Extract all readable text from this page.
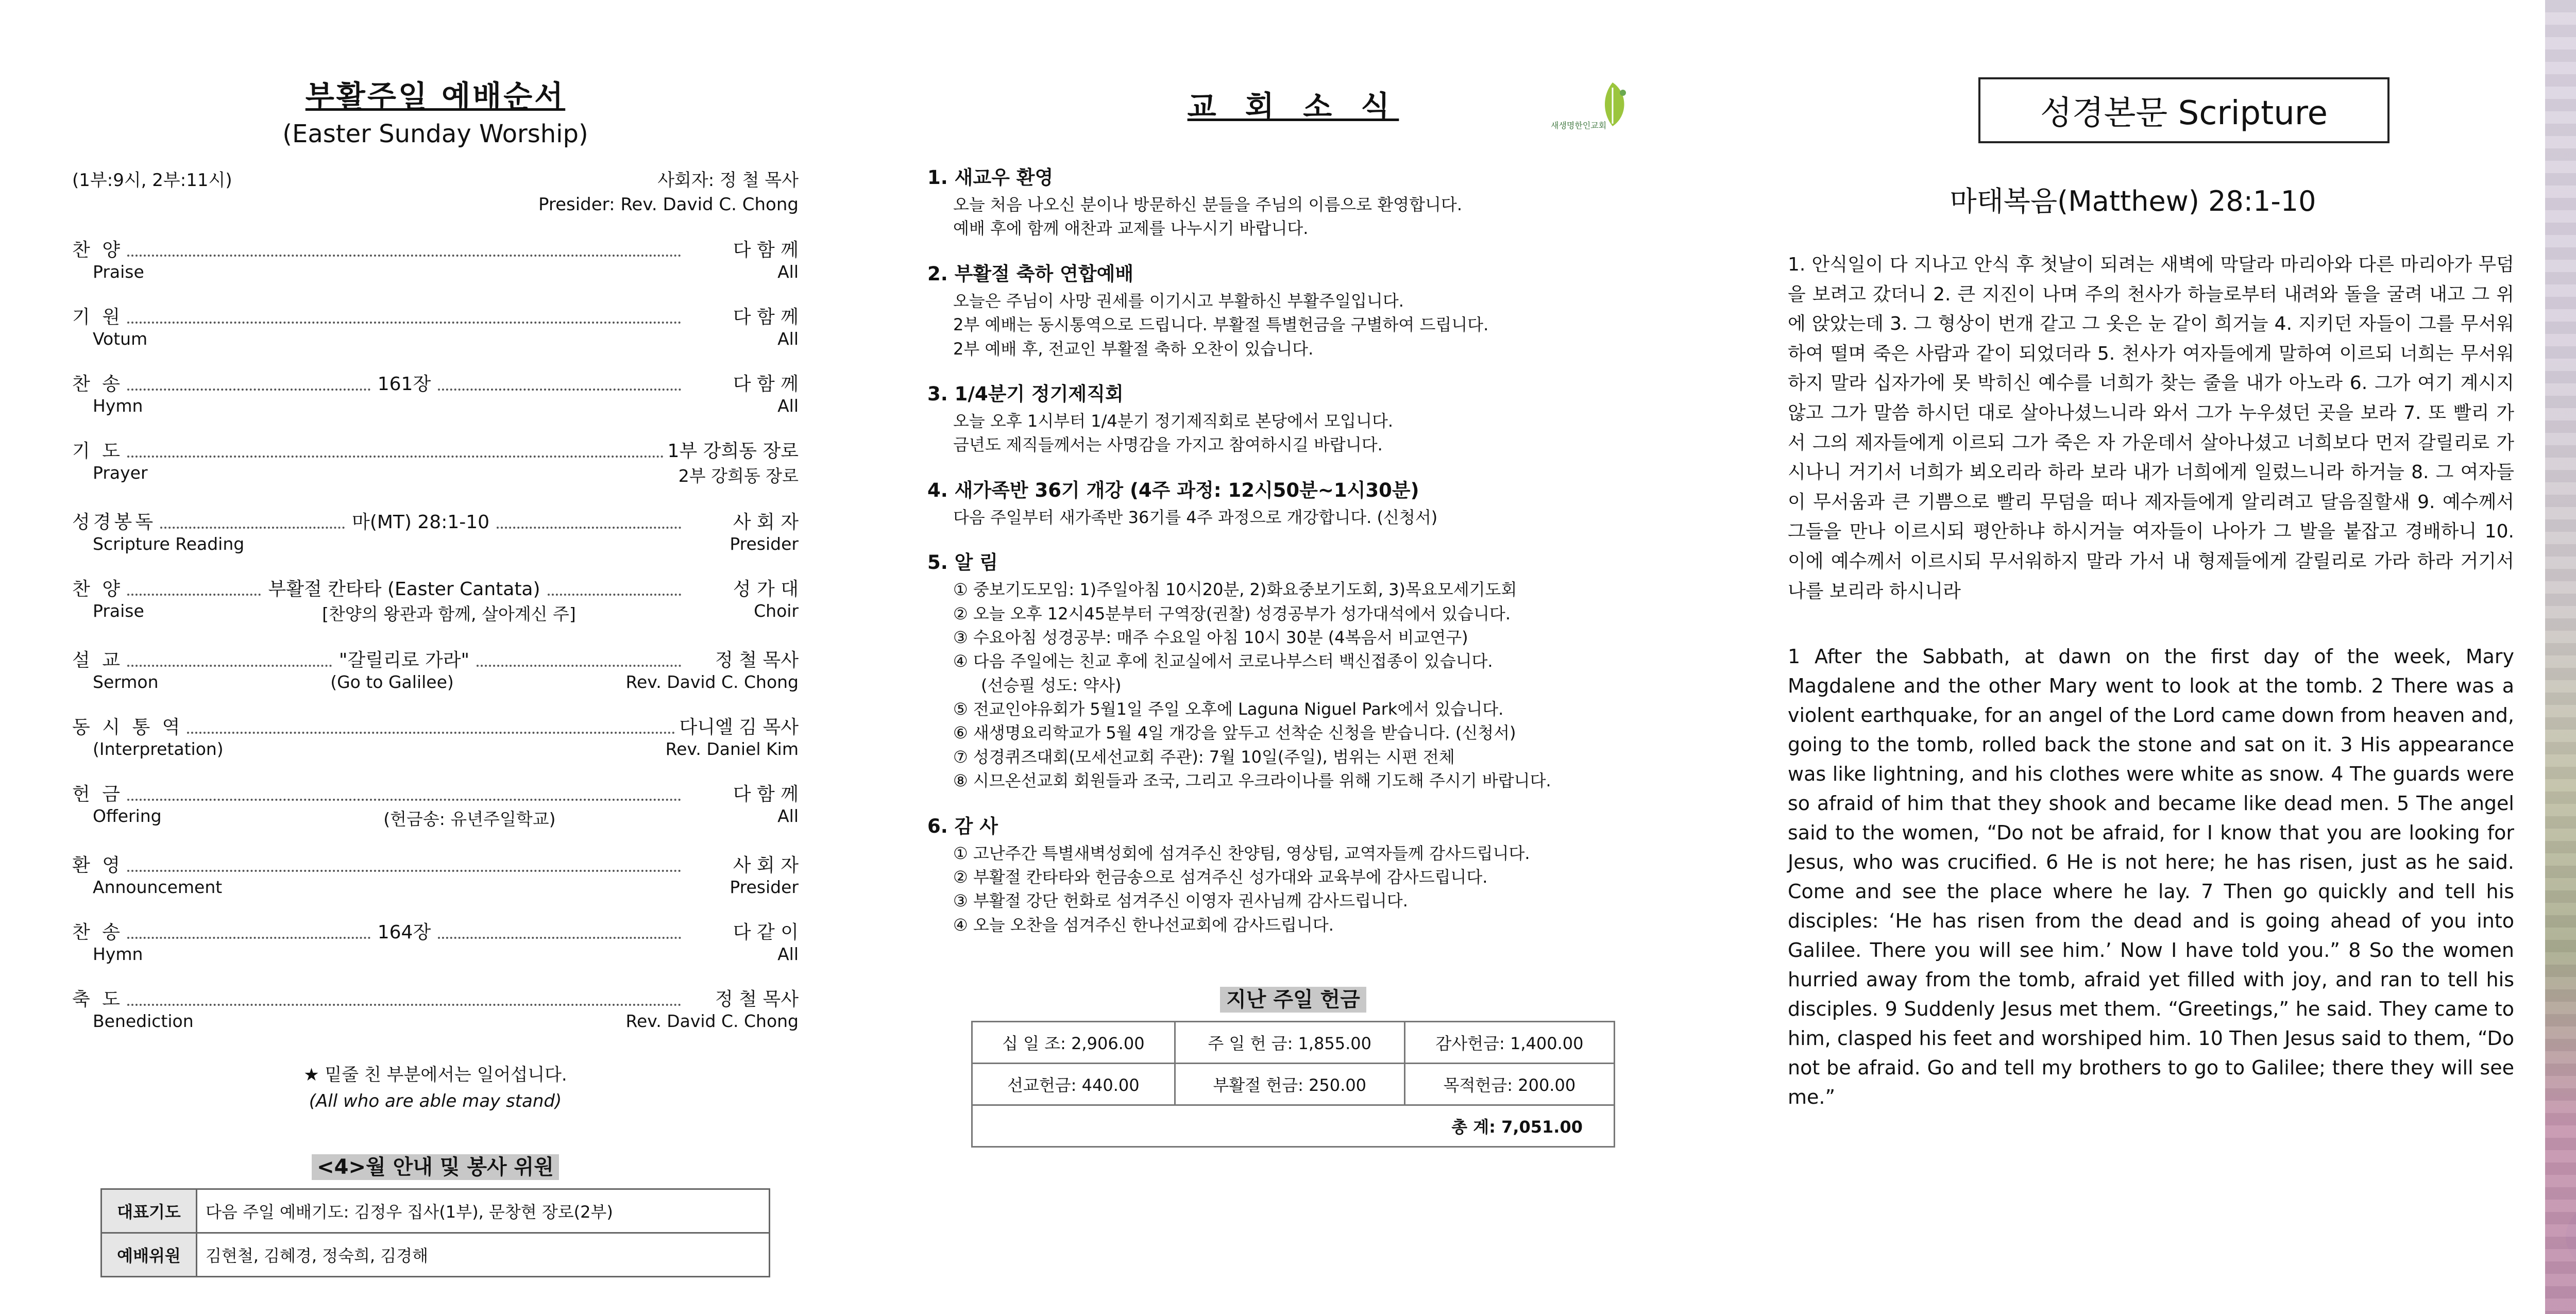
부활주일 예배순서
(Easter Sunday Worship)
(1부:9시, 2부:11시)	사회자: 정 철 목사
Presider: Rev. David C. Chong
찬 양	다 함 께
Praise	All
기 원	다 함 께
Votum	All
찬 송	161장	다 함 께
Hymn	All
기 도	1부 강희동 장로
Prayer	2부 강희동 장로
성경봉독	마(MT) 28:1-10	사 회 자
Scripture Reading	Presider
찬 양	부활절 칸타타 (Easter Cantata)	성 가 대
Praise	[찬양의 왕관과 함께, 살아계신 주]	Choir
설 교	"갈릴리로 가라"	정 철 목사
Sermon	(Go to Galilee)	Rev. David C. Chong
동 시 통 역	다니엘 김 목사
(Interpretation)	Rev. Daniel Kim
헌 금	다 함 께
Offering	(헌금송: 유년주일학교)	All
환 영	사 회 자
Announcement	Presider
찬 송	164장	다 같 이
Hymn	All
축 도	정 철 목사
Benediction	Rev. David C. Chong
★ 밑줄 친 부분에서는 일어섭니다.
(All who are able may stand)
<4>월 안내 및 봉사 위원
대표기도	다음 주일 예배기도: 김정우 집사(1부), 문창현 장로(2부)
예배위원	김현철, 김혜경, 정숙희, 김경해
교 회 소 식
새생명한인교회
1. 새교우 환영
오늘 처음 나오신 분이나 방문하신 분들을 주님의 이름으로 환영합니다.
예배 후에 함께 애찬과 교제를 나누시기 바랍니다.
2. 부활절 축하 연합예배
오늘은 주님이 사망 권세를 이기시고 부활하신 부활주일입니다.
2부 예배는 동시통역으로 드립니다. 부활절 특별헌금을 구별하여 드립니다.
2부 예배 후, 전교인 부활절 축하 오찬이 있습니다.
3. 1/4분기 정기제직회
오늘 오후 1시부터 1/4분기 정기제직회로 본당에서 모입니다.
금년도 제직들께서는 사명감을 가지고 참여하시길 바랍니다.
4. 새가족반 36기 개강 (4주 과정: 12시50분~1시30분)
다음 주일부터 새가족반 36기를 4주 과정으로 개강합니다. (신청서)
5. 알 림
① 중보기도모임: 1)주일아침 10시20분, 2)화요중보기도회, 3)목요모세기도회
② 오늘 오후 12시45분부터 구역장(권찰) 성경공부가 성가대석에서 있습니다.
③ 수요아침 성경공부: 매주 수요일 아침 10시 30분 (4복음서 비교연구)
④ 다음 주일에는 친교 후에 친교실에서 코로나부스터 백신접종이 있습니다.
(선승필 성도: 약사)
⑤ 전교인야유회가 5월1일 주일 오후에 Laguna Niguel Park에서 있습니다.
⑥ 새생명요리학교가 5월 4일 개강을 앞두고 선착순 신청을 받습니다. (신청서)
⑦ 성경퀴즈대회(모세선교회 주관): 7월 10일(주일), 범위는 시편 전체
⑧ 시므온선교회 회원들과 조국, 그리고 우크라이나를 위해 기도해 주시기 바랍니다.
6. 감 사
① 고난주간 특별새벽성회에 섬겨주신 찬양팀, 영상팀, 교역자들께 감사드립니다.
② 부활절 칸타타와 헌금송으로 섬겨주신 성가대와 교육부에 감사드립니다.
③ 부활절 강단 헌화로 섬겨주신 이영자 권사님께 감사드립니다.
④ 오늘 오찬을 섬겨주신 한나선교회에 감사드립니다.
지난 주일 헌금
십 일 조: 2,906.00	주 일 헌 금: 1,855.00	감사헌금: 1,400.00
선교헌금: 440.00	부활절 헌금: 250.00	목적헌금: 200.00
총 계: 7,051.00		
성경본문 Scripture
마태복음(Matthew) 28:1-10

1. 안식일이 다 지나고 안식 후 첫날이 되려는 새벽에 막달라 마리아와 다른 마리아가 무덤을 보려고 갔더니 2. 큰 지진이 나며 주의 천사가 하늘로부터 내려와 돌을 굴려 내고 그 위에 앉았는데 3. 그 형상이 번개 같고 그 옷은 눈 같이 희거늘 4. 지키던 자들이 그를 무서워하여 떨며 죽은 사람과 같이 되었더라 5. 천사가 여자들에게 말하여 이르되 너희는 무서워하지 말라 십자가에 못 박히신 예수를 너희가 찾는 줄을 내가 아노라 6. 그가 여기 계시지 않고 그가 말씀 하시던 대로 살아나셨느니라 와서 그가 누우셨던 곳을 보라 7. 또 빨리 가서 그의 제자들에게 이르되 그가 죽은 자 가운데서 살아나셨고 너희보다 먼저 갈릴리로 가시나니 거기서 너희가 뵈오리라 하라 보라 내가 너희에게 일렀느니라 하거늘 8. 그 여자들이 무서움과 큰 기쁨으로 빨리 무덤을 떠나 제자들에게 알리려고 달음질할새 9. 예수께서 그들을 만나 이르시되 평안하냐 하시거늘 여자들이 나아가 그 발을 붙잡고 경배하니 10. 이에 예수께서 이르시되 무서워하지 말라 가서 내 형제들에게 갈릴리로 가라 하라 거기서 나를 보리라 하시니라

1 After the Sabbath, at dawn on the first day of the week, Mary Magdalene and the other Mary went to look at the tomb. 2 There was a violent earthquake, for an angel of the Lord came down from heaven and, going to the tomb, rolled back the stone and sat on it. 3 His appearance was like lightning, and his clothes were white as snow. 4 The guards were so afraid of him that they shook and became like dead men. 5 The angel said to the women, “Do not be afraid, for I know that you are looking for Jesus, who was crucified. 6 He is not here; he has risen, just as he said. Come and see the place where he lay. 7 Then go quickly and tell his disciples: ‘He has risen from the dead and is going ahead of you into Galilee. There you will see him.’ Now I have told you.” 8 So the women hurried away from the tomb, afraid yet filled with joy, and ran to tell his disciples. 9 Suddenly Jesus met them. “Greetings,” he said. They came to him, clasped his feet and worshiped him. 10 Then Jesus said to them, “Do not be afraid. Go and tell my brothers to go to Galilee; there they will see me.”
